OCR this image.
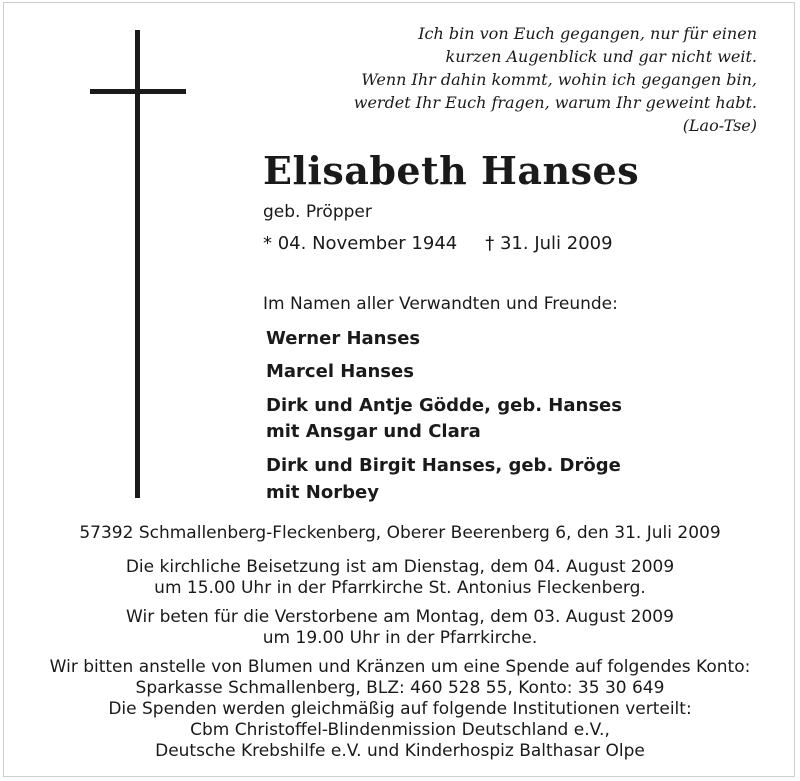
Ich bin von Euch gegangen, nur für einen
kurzen Augenblick und gar nicht weit.
Wenn Ihr dahin kommt, wohin ich gegangen bin,
werdet Ihr Euch fragen, warum Ihr geweint habt.
(Lao-Tse)
Elisabeth Hanses
geb. Pröpper
* 04. November 1944 † 31. Juli 2009
Im Namen aller Verwandten und Freunde:
Werner Hanses
Marcel Hanses
Dirk und Antje Gödde, geb. Hanses
mit Ansgar und Clara
Dirk und Birgit Hanses, geb. Dröge
mit Norbey
57392 Schmallenberg-Fleckenberg, Oberer Beerenberg 6, den 31. Juli 2009
Die kirchliche Beisetzung ist am Dienstag, dem 04. August 2009
um 15.00 Uhr in der Pfarrkirche St. Antonius Fleckenberg.
Wir beten für die Verstorbene am Montag, dem 03. August 2009
um 19.00 Uhr in der Pfarrkirche.
Wir bitten anstelle von Blumen und Kränzen um eine Spende auf folgendes Konto:
Sparkasse Schmallenberg, BLZ: 460 528 55, Konto: 35 30 649
Die Spenden werden gleichmäßig auf folgende Institutionen verteilt:
Cbm Christoffel-Blindenmission Deutschland e.V.,
Deutsche Krebshilfe e.V. und Kinderhospiz Balthasar Olpe
